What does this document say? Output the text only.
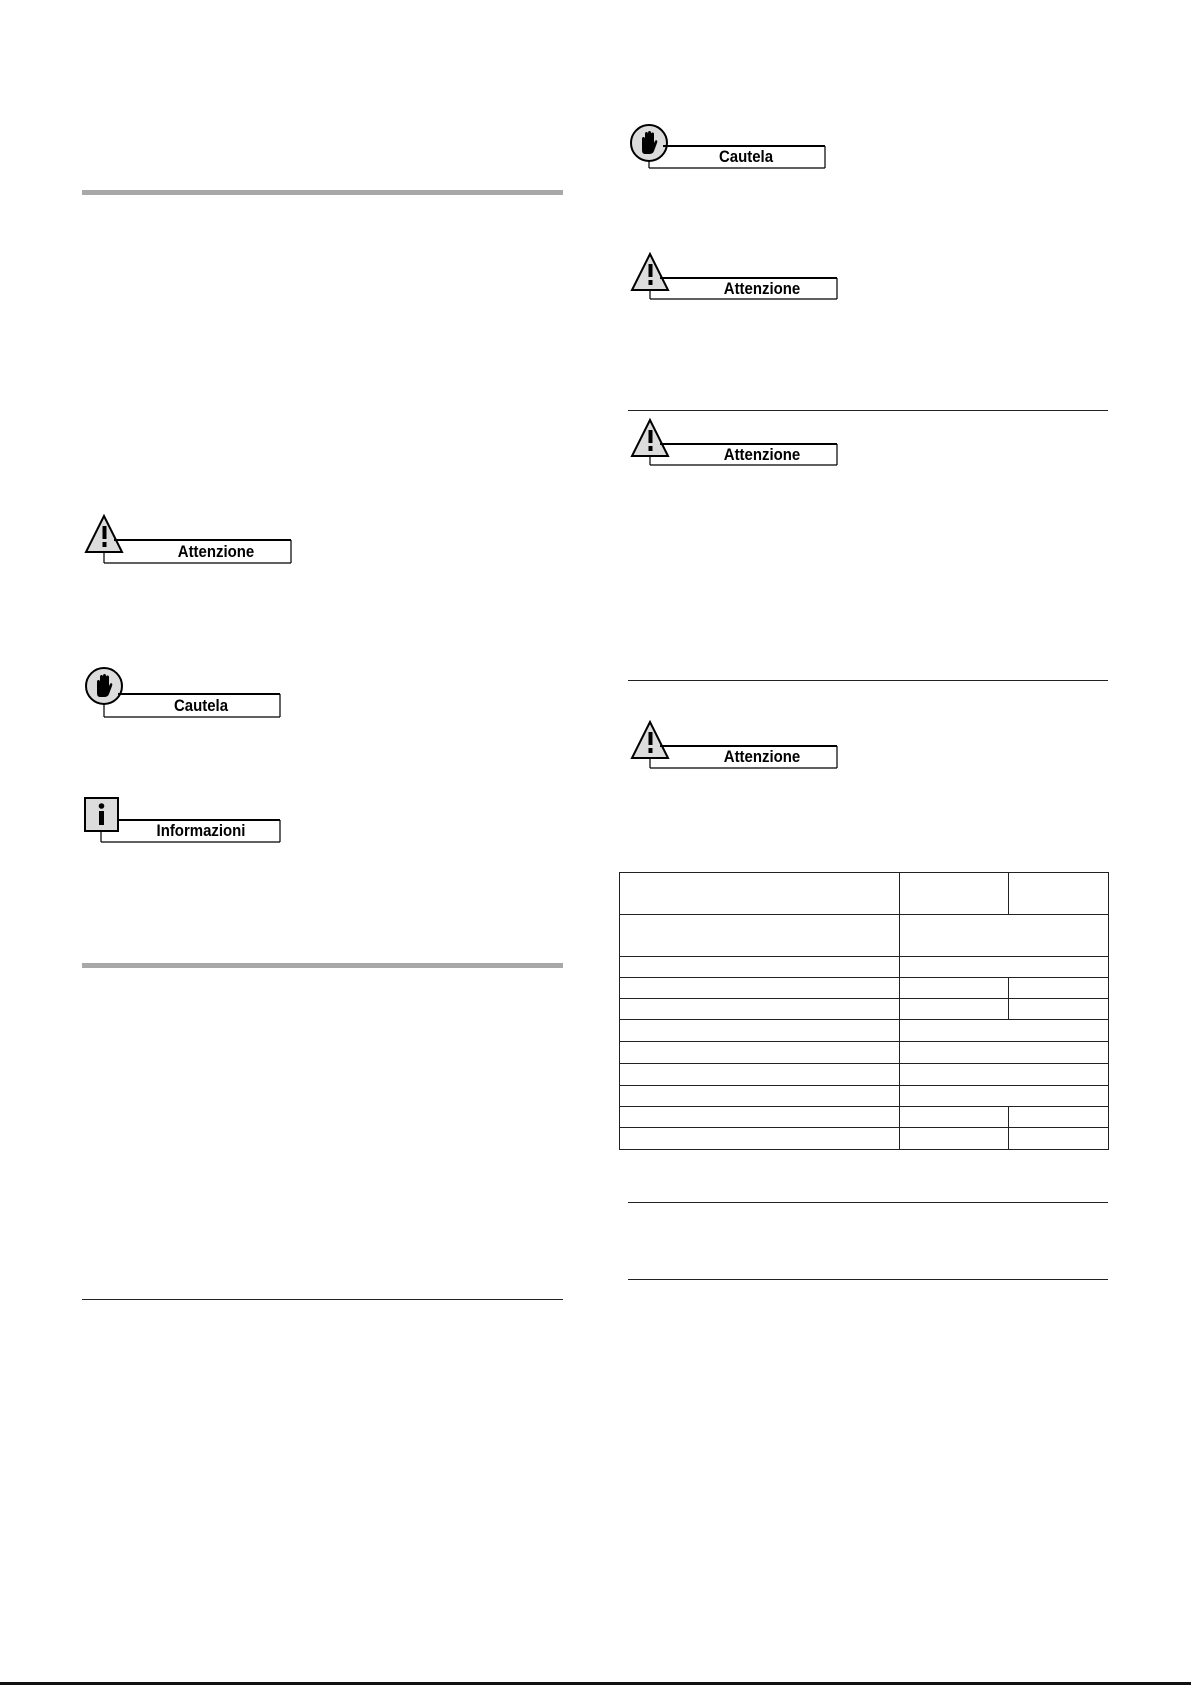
Attenzione
Cautela
Informazioni
Cautela
Attenzione
Attenzione
Attenzione
